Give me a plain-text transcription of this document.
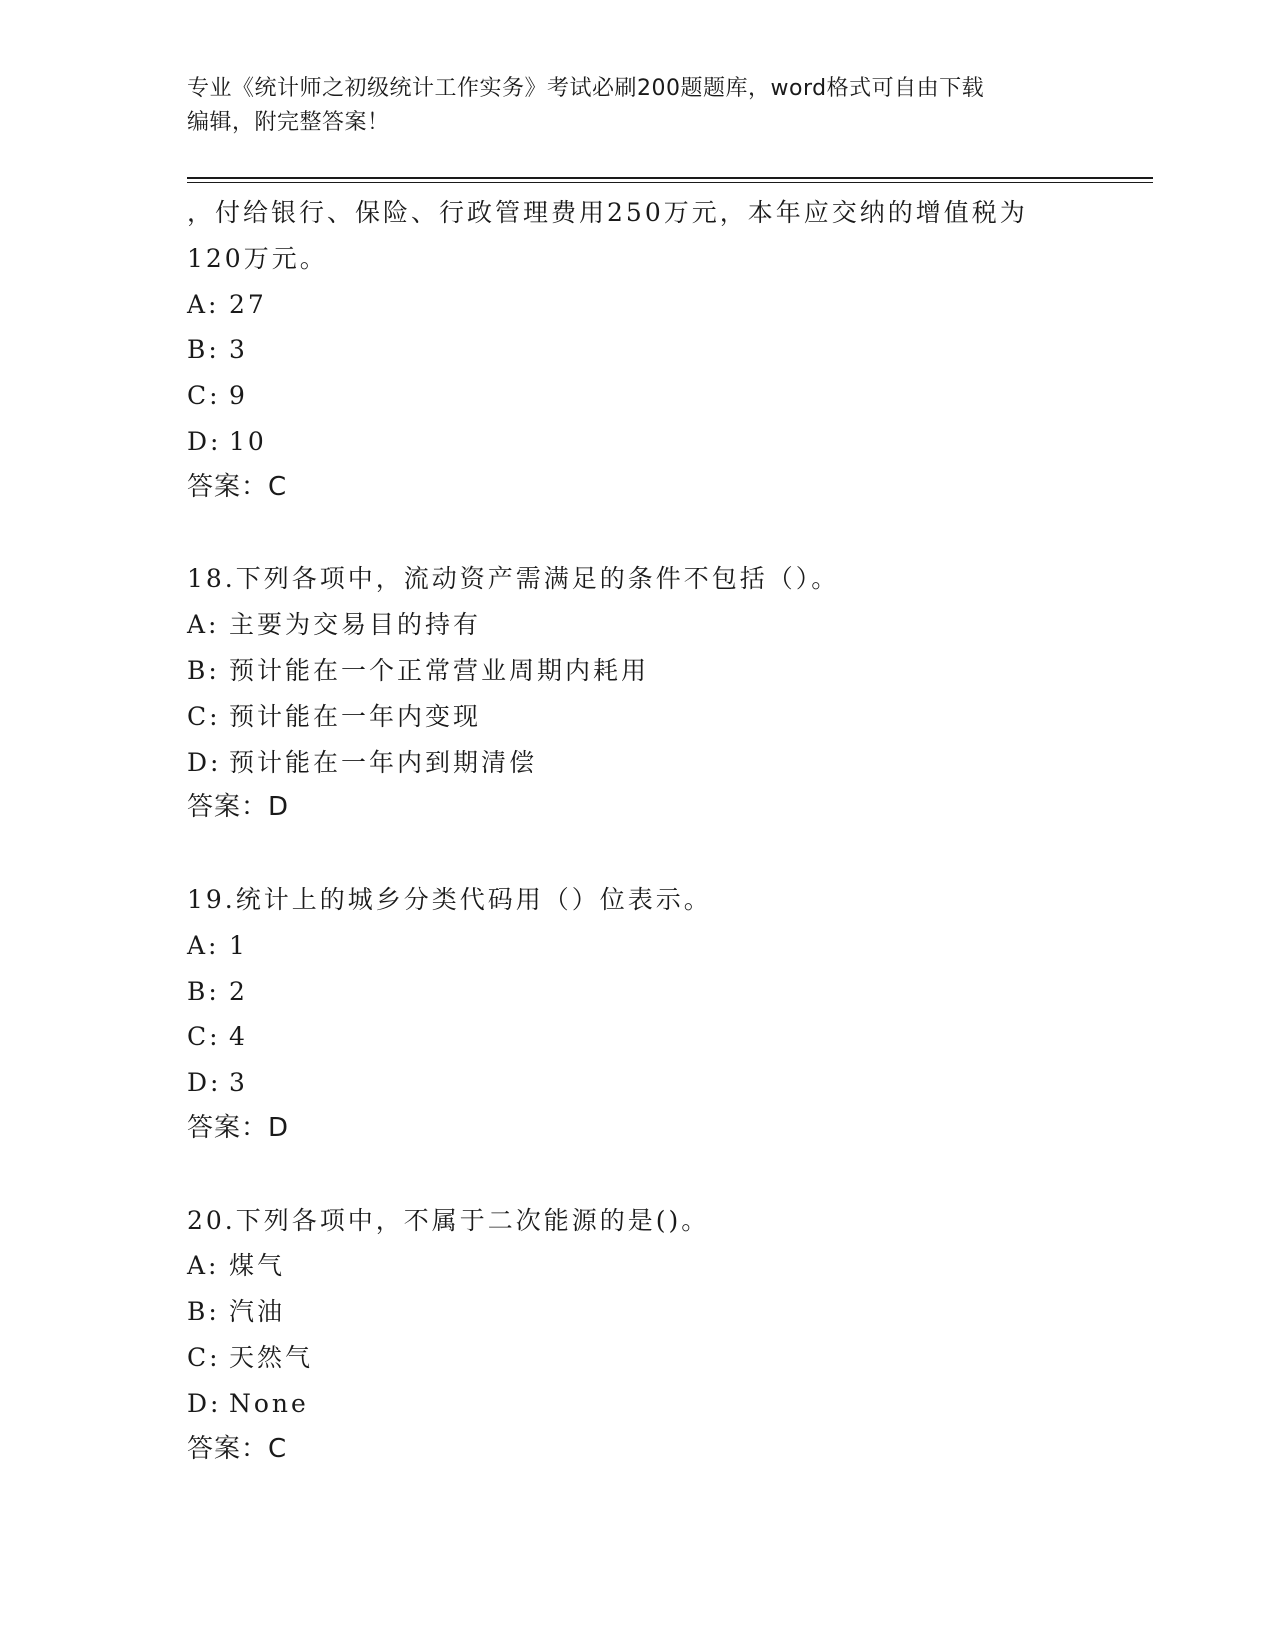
专业《统计师之初级统计工作实务》考试必刷200题题库，word格式可自由下载
编辑，附完整答案！
，付给银行、保险、行政管理费用250万元，本年应交纳的增值税为
120万元。
A: 27
B: 3
C: 9
D: 10
答案：C
18.下列各项中，流动资产需满足的条件不包括（）。
A: 主要为交易目的持有
B: 预计能在一个正常营业周期内耗用
C: 预计能在一年内变现
D: 预计能在一年内到期清偿
答案：D
19.统计上的城乡分类代码用（）位表示。
A: 1
B: 2
C: 4
D: 3
答案：D
20.下列各项中，不属于二次能源的是()。
A: 煤气
B: 汽油
C: 天然气
D: None
答案：C
